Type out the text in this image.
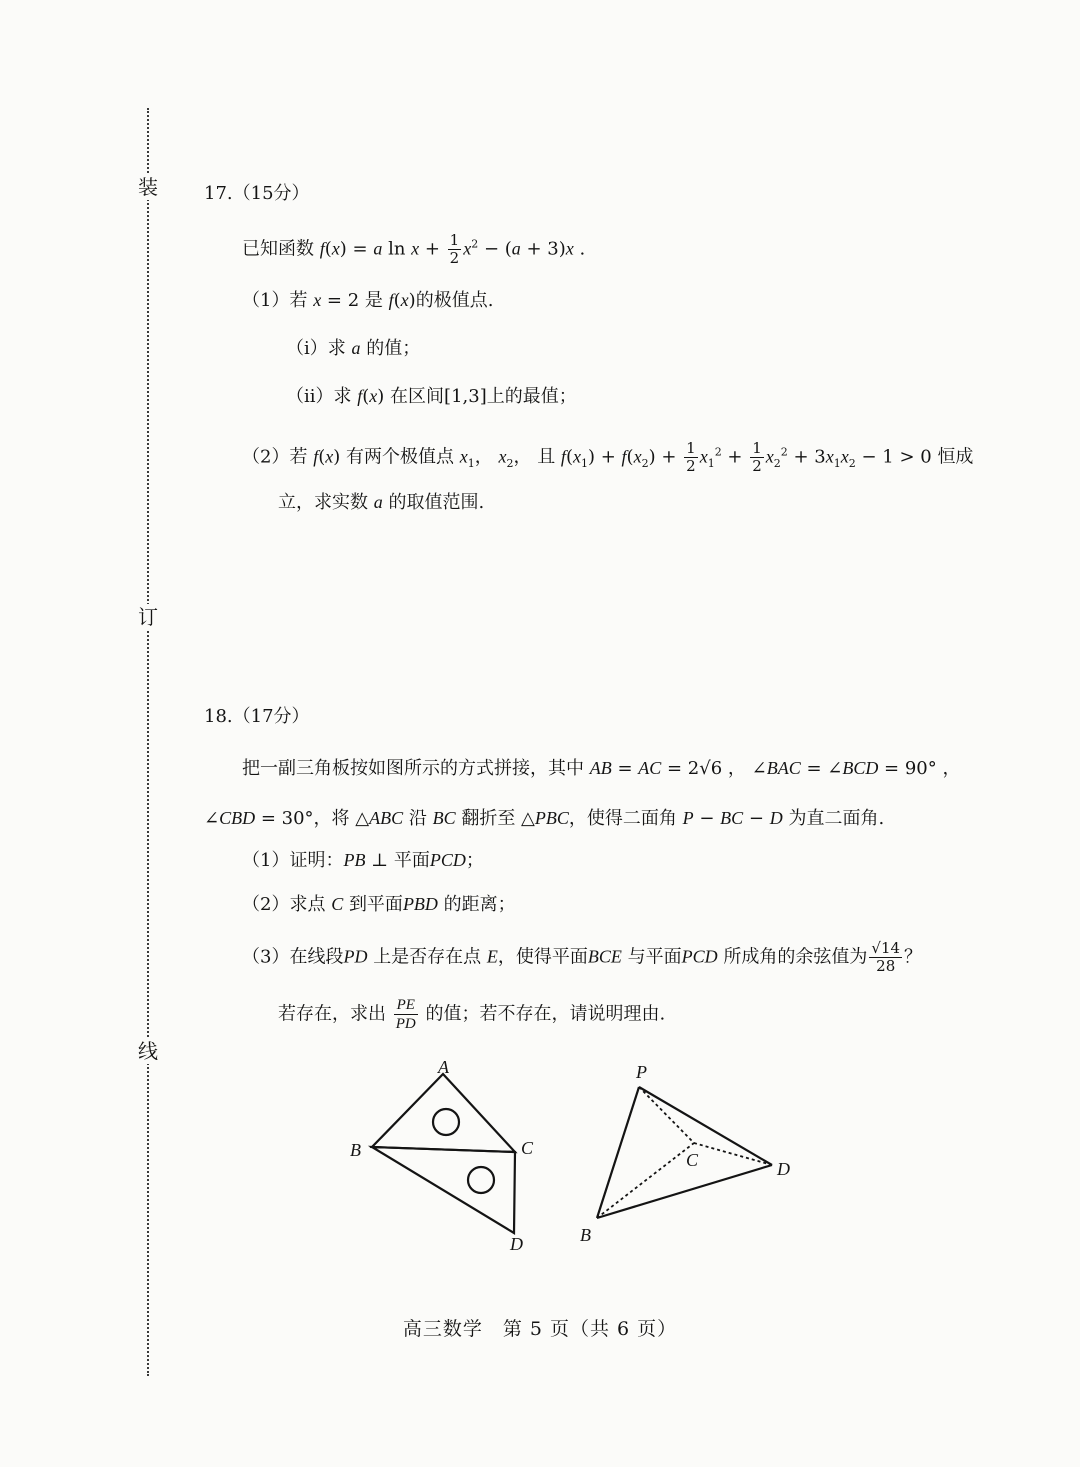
装
订
线
17.（15分）
已知函数 f(x) = a $\ln x + \frac{1}{2} x^2 - (a + 3)x$ .
（1）若 x = 2 是 f(x)的极值点.
（i）求 a 的值；
（ii）求 f(x) 在区间[1,3]上的最值；
（2）若 f(x) 有两个极值点 $x_1$， $x_2$， 且 $f(x_1) + f(x_2) + \frac{1}{2} x_1^2 + \frac{1}{2} x_2^2 + 3x_1x_2 - 1 > 0$ 恒成
立，求实数 a 的取值范围.
18.（17分）
把一副三角板按如图所示的方式拼接，其中 AB = AC = 2√6 ， ∠BAC = ∠BCD = 90° ，
∠CBD = 30°，将 △ABC 沿 BC 翻折至 △PBC，使得二面角 P − BC − D 为直二面角.
（1）证明：PB ⊥ 平面PCD；
（2）求点 C 到平面PBD 的距离；
（3）在线段PD 上是否存在点 E，使得平面BCE 与平面PCD 所成角的余弦值为 $\frac{√14}{28}$ ？
若存在，求出 $\frac{PE}{PD}$ 的值；若不存在，请说明理由.
A
B	C
D
P
C	D
B
高三数学　第 5 页（共 6 页）
